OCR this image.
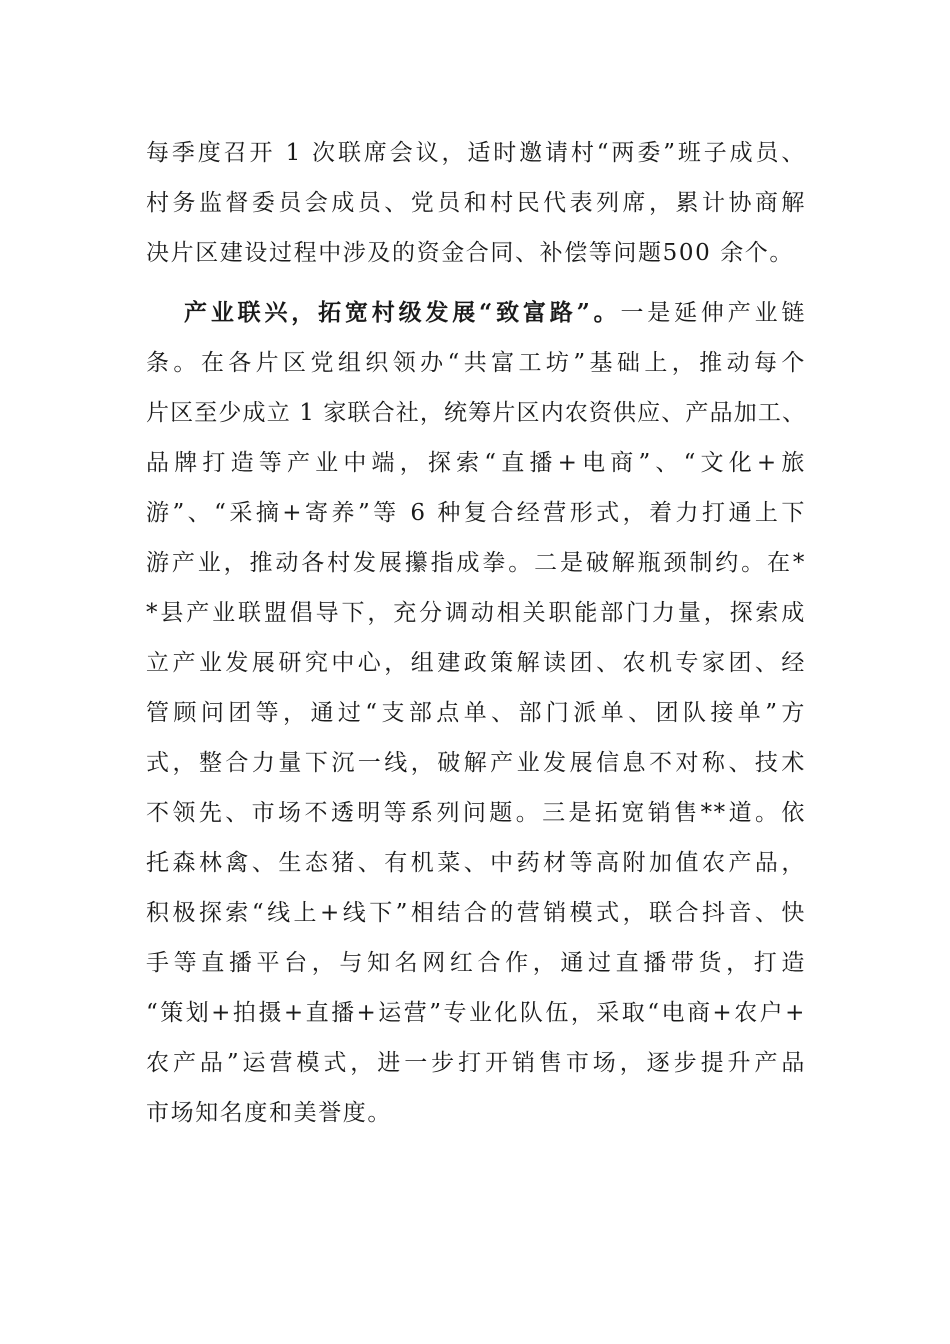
每季度召开 1 次联席会议，适时邀请村“两委”班子成员、
村务监督委员会成员、党员和村民代表列席，累计协商解
决片区建设过程中涉及的资金合同、补偿等问题500 余个。
产业联兴，拓宽村级发展“致富路”。一是延伸产业链
条。在各片区党组织领办“共富工坊”基础上，推动每个
片区至少成立 1 家联合社，统筹片区内农资供应、产品加工、
品牌打造等产业中端，探索“直播+电商”、“文化+旅
游”、“采摘+寄养”等 6 种复合经营形式，着力打通上下
游产业，推动各村发展攥指成拳。二是破解瓶颈制约。在*
*县产业联盟倡导下，充分调动相关职能部门力量，探索成
立产业发展研究中心，组建政策解读团、农机专家团、经
管顾问团等，通过“支部点单、部门派单、团队接单”方
式，整合力量下沉一线，破解产业发展信息不对称、技术
不领先、市场不透明等系列问题。三是拓宽销售**道。依
托森林禽、生态猪、有机菜、中药材等高附加值农产品，
积极探索“线上+线下”相结合的营销模式，联合抖音、快
手等直播平台，与知名网红合作，通过直播带货，打造
“策划+拍摄+直播+运营”专业化队伍，采取“电商+农户+
农产品”运营模式，进一步打开销售市场，逐步提升产品
市场知名度和美誉度。
